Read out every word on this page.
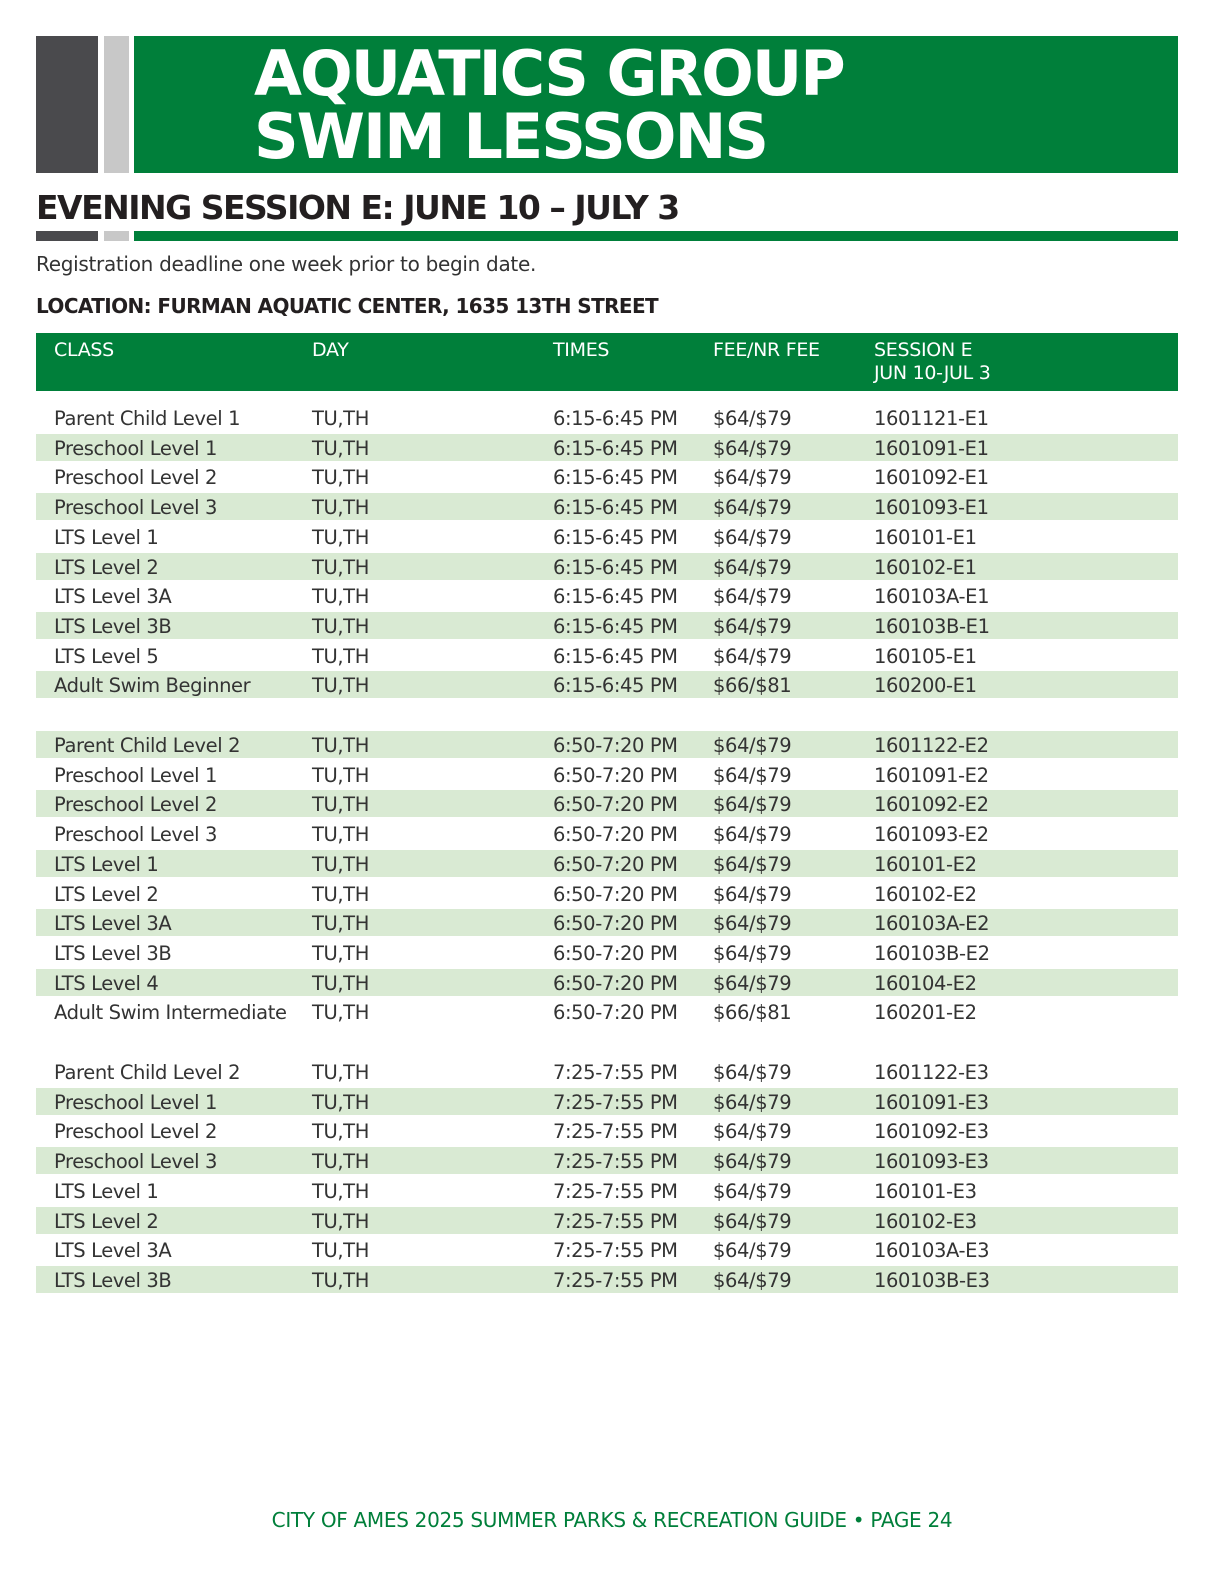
AQUATICS GROUP
SWIM LESSONS
EVENING SESSION E: JUNE 10 – JULY 3
Registration deadline one week prior to begin date.
LOCATION: FURMAN AQUATIC CENTER, 1635 13TH STREET
CLASS	DAY	TIMES	FEE/NR FEE	SESSION E
JUN 10-JUL 3
Parent Child Level 1	TU,TH	6:15-6:45 PM $64/$79	1601121-E1
Preschool Level 1	TU,TH	6:15-6:45 PM $64/$79	1601091-E1
Preschool Level 2	TU,TH	6:15-6:45 PM $64/$79	1601092-E1
Preschool Level 3	TU,TH	6:15-6:45 PM $64/$79	1601093-E1
LTS Level 1	TU,TH	6:15-6:45 PM $64/$79	160101-E1
LTS Level 2	TU,TH	6:15-6:45 PM $64/$79	160102-E1
LTS Level 3A	TU,TH	6:15-6:45 PM $64/$79	160103A-E1
LTS Level 3B	TU,TH	6:15-6:45 PM $64/$79	160103B-E1
LTS Level 5	TU,TH	6:15-6:45 PM $64/$79	160105-E1
Adult Swim Beginner	TU,TH	6:15-6:45 PM $66/$81	160200-E1
Parent Child Level 2	TU,TH	6:50-7:20 PM $64/$79	1601122-E2
Preschool Level 1	TU,TH	6:50-7:20 PM $64/$79	1601091-E2
Preschool Level 2	TU,TH	6:50-7:20 PM $64/$79	1601092-E2
Preschool Level 3	TU,TH	6:50-7:20 PM $64/$79	1601093-E2
LTS Level 1	TU,TH	6:50-7:20 PM $64/$79	160101-E2
LTS Level 2	TU,TH	6:50-7:20 PM $64/$79	160102-E2
LTS Level 3A	TU,TH	6:50-7:20 PM $64/$79	160103A-E2
LTS Level 3B	TU,TH	6:50-7:20 PM $64/$79	160103B-E2
LTS Level 4	TU,TH	6:50-7:20 PM $64/$79	160104-E2
Adult Swim Intermediate TU,TH	6:50-7:20 PM $66/$81	160201-E2
Parent Child Level 2	TU,TH	7:25-7:55 PM $64/$79	1601122-E3
Preschool Level 1	TU,TH	7:25-7:55 PM $64/$79	1601091-E3
Preschool Level 2	TU,TH	7:25-7:55 PM $64/$79	1601092-E3
Preschool Level 3	TU,TH	7:25-7:55 PM $64/$79	1601093-E3
LTS Level 1	TU,TH	7:25-7:55 PM $64/$79	160101-E3
LTS Level 2	TU,TH	7:25-7:55 PM $64/$79	160102-E3
LTS Level 3A	TU,TH	7:25-7:55 PM $64/$79	160103A-E3
LTS Level 3B	TU,TH	7:25-7:55 PM $64/$79	160103B-E3
CITY OF AMES 2025 SUMMER PARKS & RECREATION GUIDE • PAGE 24
